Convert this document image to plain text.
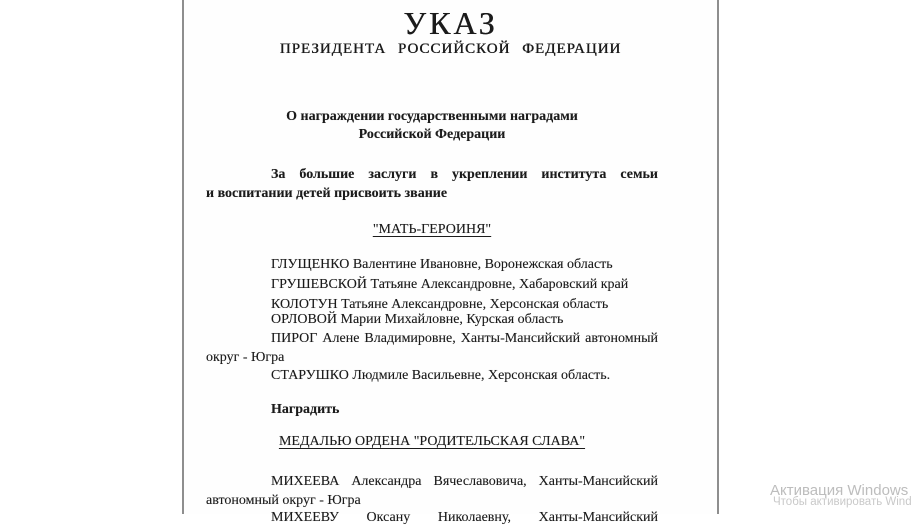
УКАЗ
ПРЕЗИДЕНТА РОССИЙСКОЙ ФЕДЕРАЦИИ
О награждении государственными наградами
Российской Федерации
За большие заслуги в укреплении института семьи
и воспитании детей присвоить звание
"МАТЬ-ГЕРОИНЯ"
ГЛУЩЕНКО Валентине Ивановне, Воронежская область
ГРУШЕВСКОЙ Татьяне Александровне, Хабаровский край
КОЛОТУН Татьяне Александровне, Херсонская область
ОРЛОВОЙ Марии Михайловне, Курская область
ПИРОГ Алене Владимировне, Ханты-Мансийский автономный
округ - Югра
СТАРУШКО Людмиле Васильевне, Херсонская область.
Наградить
МЕДАЛЬЮ ОРДЕНА "РОДИТЕЛЬСКАЯ СЛАВА"
МИХЕЕВА Александра Вячеславовича, Ханты-Мансийский
автономный округ - Югра
МИХЕЕВУ Оксану Николаевну, Ханты-Мансийский
Активация Windows
Чтобы активировать Wind
